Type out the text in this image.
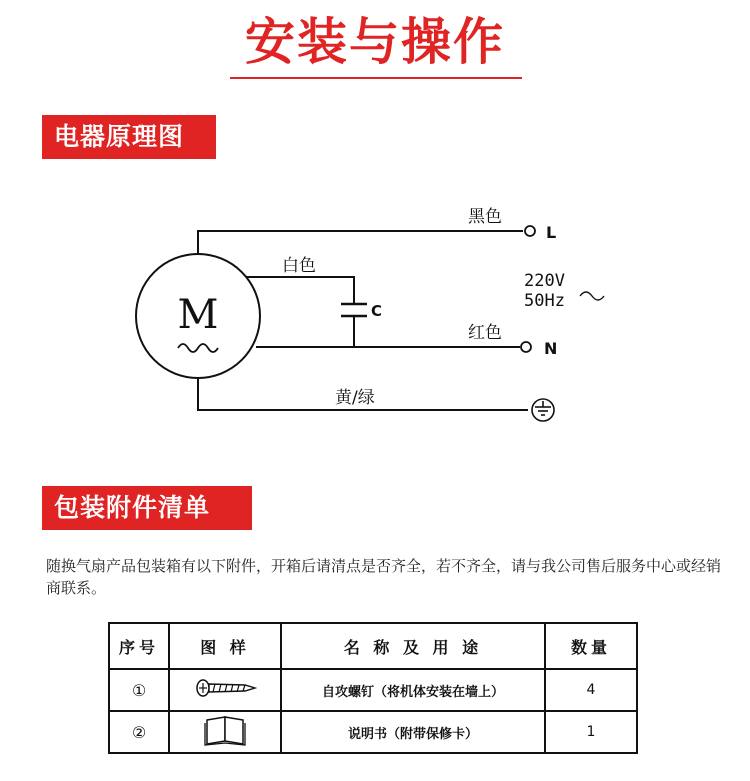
安装与操作
电器原理图
M
黑色
L
白色
C
220V
50Hz
红色
N
黄/绿
包装附件清单
随换气扇产品包装箱有以下附件，开箱后请清点是否齐全，若不齐全，请与我公司售后服务中心或经销商联系。
序号	图 样	名 称 及 用 途	数量
①		自攻螺钉（将机体安装在墙上）	4
②		说明书（附带保修卡）	1
